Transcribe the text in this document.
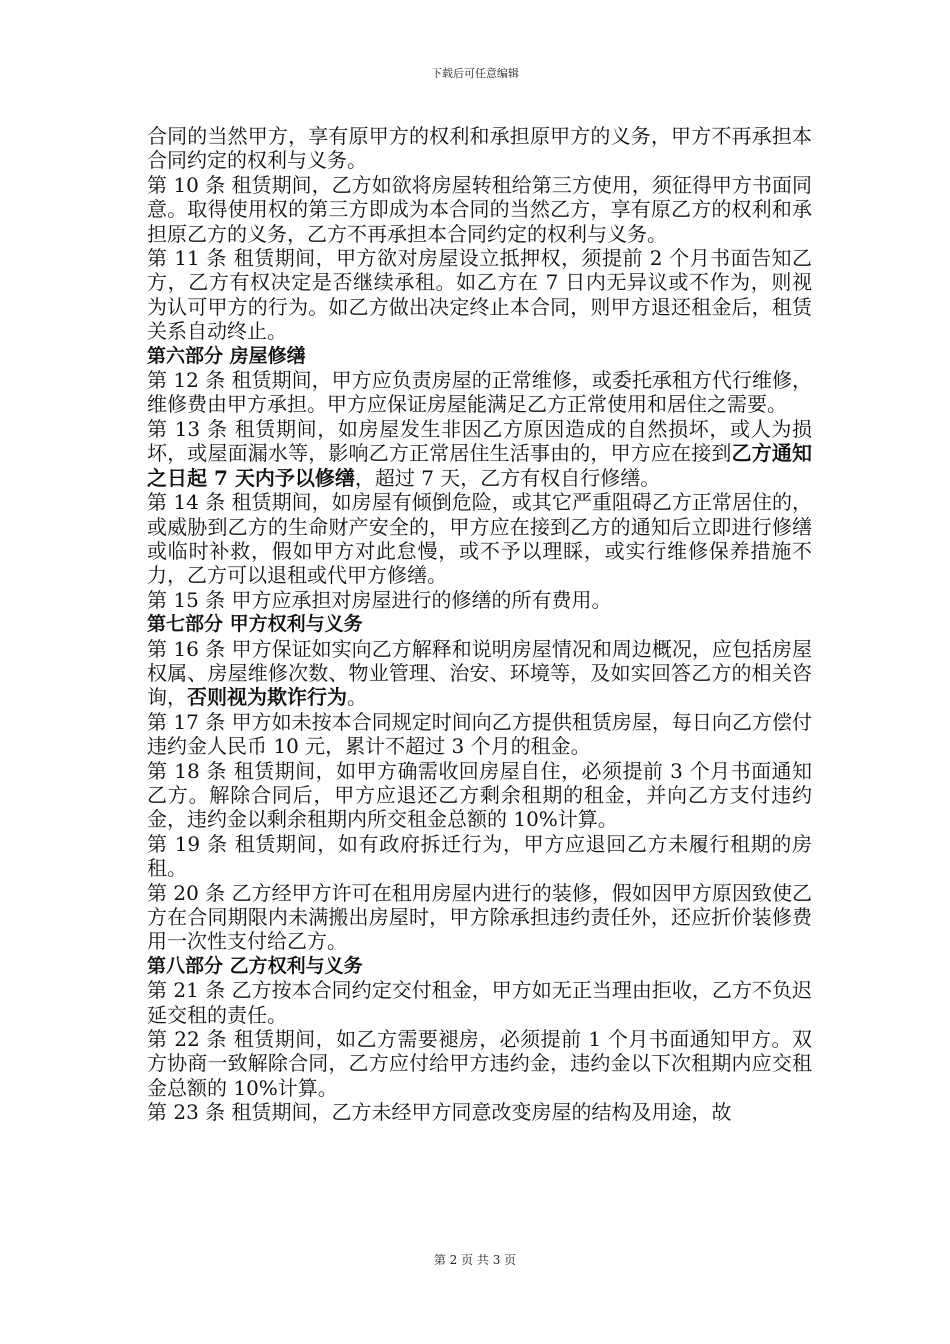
下载后可任意编辑

合同的当然甲方，享有原甲方的权利和承担原甲方的义务，甲方不再承担本合同约定的权利与义务。

第 10 条 租赁期间，乙方如欲将房屋转租给第三方使用，须征得甲方书面同意。取得使用权的第三方即成为本合同的当然乙方，享有原乙方的权利和承担原乙方的义务，乙方不再承担本合同约定的权利与义务。

第 11 条 租赁期间，甲方欲对房屋设立抵押权，须提前 2 个月书面告知乙方，乙方有权决定是否继续承租。如乙方在 7 日内无异议或不作为，则视为认可甲方的行为。如乙方做出决定终止本合同，则甲方退还租金后，租赁关系自动终止。

第六部分 房屋修缮

第 12 条 租赁期间，甲方应负责房屋的正常维修，或委托承租方代行维修，维修费由甲方承担。甲方应保证房屋能满足乙方正常使用和居住之需要。

第 13 条 租赁期间，如房屋发生非因乙方原因造成的自然损坏，或人为损坏，或屋面漏水等，影响乙方正常居住生活事由的，甲方应在接到乙方通知之日起 7 天内予以修缮，超过 7 天，乙方有权自行修缮。

第 14 条 租赁期间，如房屋有倾倒危险，或其它严重阻碍乙方正常居住的，或威胁到乙方的生命财产安全的，甲方应在接到乙方的通知后立即进行修缮或临时补救，假如甲方对此怠慢，或不予以理睬，或实行维修保养措施不力，乙方可以退租或代甲方修缮。

第 15 条 甲方应承担对房屋进行的修缮的所有费用。

第七部分 甲方权利与义务

第 16 条 甲方保证如实向乙方解释和说明房屋情况和周边概况，应包括房屋权属、房屋维修次数、物业管理、治安、环境等，及如实回答乙方的相关咨询，否则视为欺诈行为。

第 17 条 甲方如未按本合同规定时间向乙方提供租赁房屋，每日向乙方偿付违约金人民币 10 元，累计不超过 3 个月的租金。

第 18 条 租赁期间，如甲方确需收回房屋自住，必须提前 3 个月书面通知乙方。解除合同后，甲方应退还乙方剩余租期的租金，并向乙方支付违约金，违约金以剩余租期内所交租金总额的 10%计算。

第 19 条 租赁期间，如有政府拆迁行为，甲方应退回乙方未履行租期的房租。

第 20 条 乙方经甲方许可在租用房屋内进行的装修，假如因甲方原因致使乙方在合同期限内未满搬出房屋时，甲方除承担违约责任外，还应折价装修费用一次性支付给乙方。

第八部分 乙方权利与义务

第 21 条 乙方按本合同约定交付租金，甲方如无正当理由拒收，乙方不负迟延交租的责任。

第 22 条 租赁期间，如乙方需要褪房，必须提前 1 个月书面通知甲方。双方协商一致解除合同，乙方应付给甲方违约金，违约金以下次租期内应交租金总额的 10%计算。

第 23 条 租赁期间，乙方未经甲方同意改变房屋的结构及用途，故

第 2 页 共 3 页
